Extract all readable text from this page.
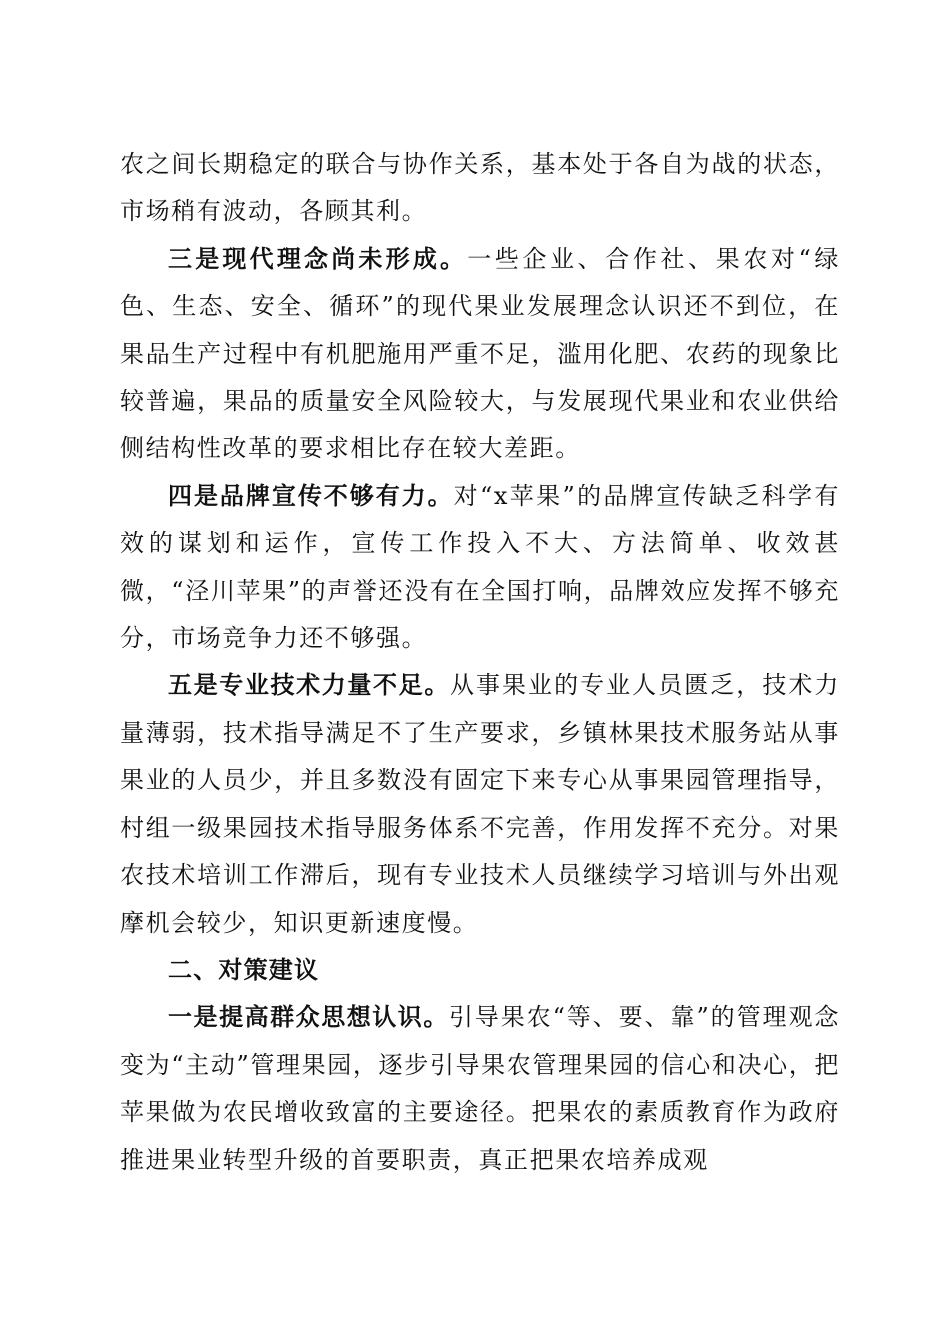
农之间长期稳定的联合与协作关系，基本处于各自为战的状态，市场稍有波动，各顾其利。

三是现代理念尚未形成。一些企业、合作社、果农对“绿色、生态、安全、循环”的现代果业发展理念认识还不到位，在果品生产过程中有机肥施用严重不足，滥用化肥、农药的现象比较普遍，果品的质量安全风险较大，与发展现代果业和农业供给侧结构性改革的要求相比存在较大差距。

四是品牌宣传不够有力。对“x苹果”的品牌宣传缺乏科学有效的谋划和运作，宣传工作投入不大、方法简单、收效甚微，“泾川苹果”的声誉还没有在全国打响，品牌效应发挥不够充分，市场竞争力还不够强。

五是专业技术力量不足。从事果业的专业人员匮乏，技术力量薄弱，技术指导满足不了生产要求，乡镇林果技术服务站从事果业的人员少，并且多数没有固定下来专心从事果园管理指导，村组一级果园技术指导服务体系不完善，作用发挥不充分。对果农技术培训工作滞后，现有专业技术人员继续学习培训与外出观摩机会较少，知识更新速度慢。

二、对策建议

一是提高群众思想认识。引导果农“等、要、靠”的管理观念变为“主动”管理果园，逐步引导果农管理果园的信心和决心，把苹果做为农民增收致富的主要途径。把果农的素质教育作为政府推进果业转型升级的首要职责，真正把果农培养成观
